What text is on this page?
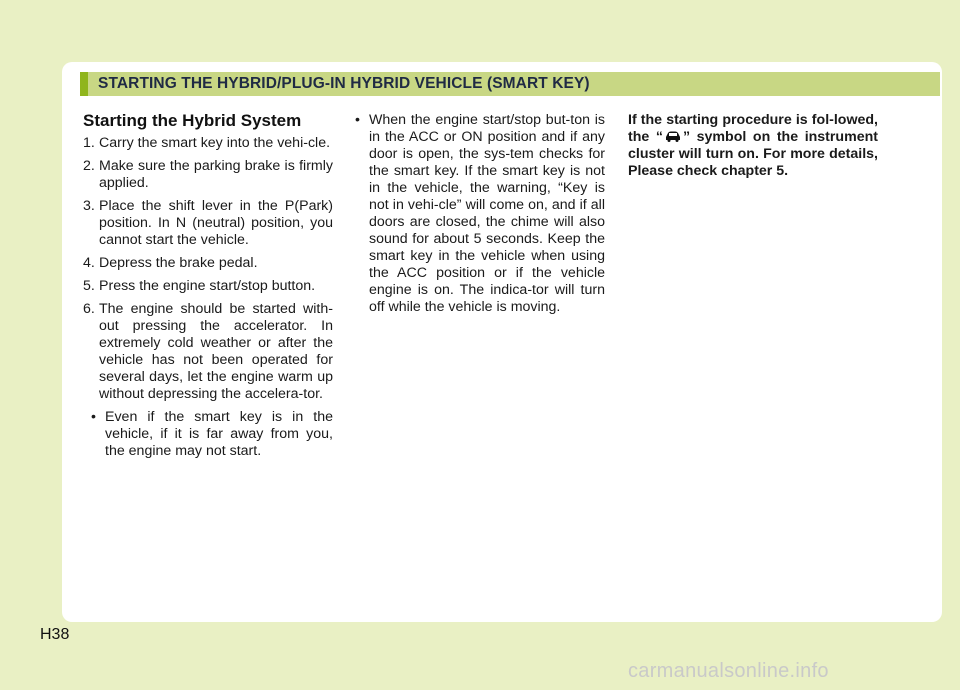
STARTING THE HYBRID/PLUG-IN HYBRID VEHICLE (SMART KEY)
Starting the Hybrid System
1. Carry the smart key into the vehi-cle.
2. Make sure the parking brake is firmly applied.
3. Place the shift lever in the P(Park) position. In N (neutral) position, you cannot start the vehicle.
4. Depress the brake pedal.
5. Press the engine start/stop button.
6. The engine should be started with-out pressing the accelerator. In extremely cold weather or after the vehicle has not been operated for several days, let the engine warm up without depressing the accelera-tor.
• Even if the smart key is in the vehicle, if it is far away from you, the engine may not start.
• When the engine start/stop but-ton is in the ACC or ON position and if any door is open, the sys-tem checks for the smart key. If the smart key is not in the vehicle, the warning, “Key is not in vehi-cle” will come on, and if all doors are closed, the chime will also sound for about 5 seconds. Keep the smart key in the vehicle when using the ACC position or if the vehicle engine is on. The indica-tor will turn off while the vehicle is moving.
If the starting procedure is fol-lowed, the “ ” symbol on the instrument cluster will turn on. For more details, Please check chapter 5.
H38
carmanualsonline.info
